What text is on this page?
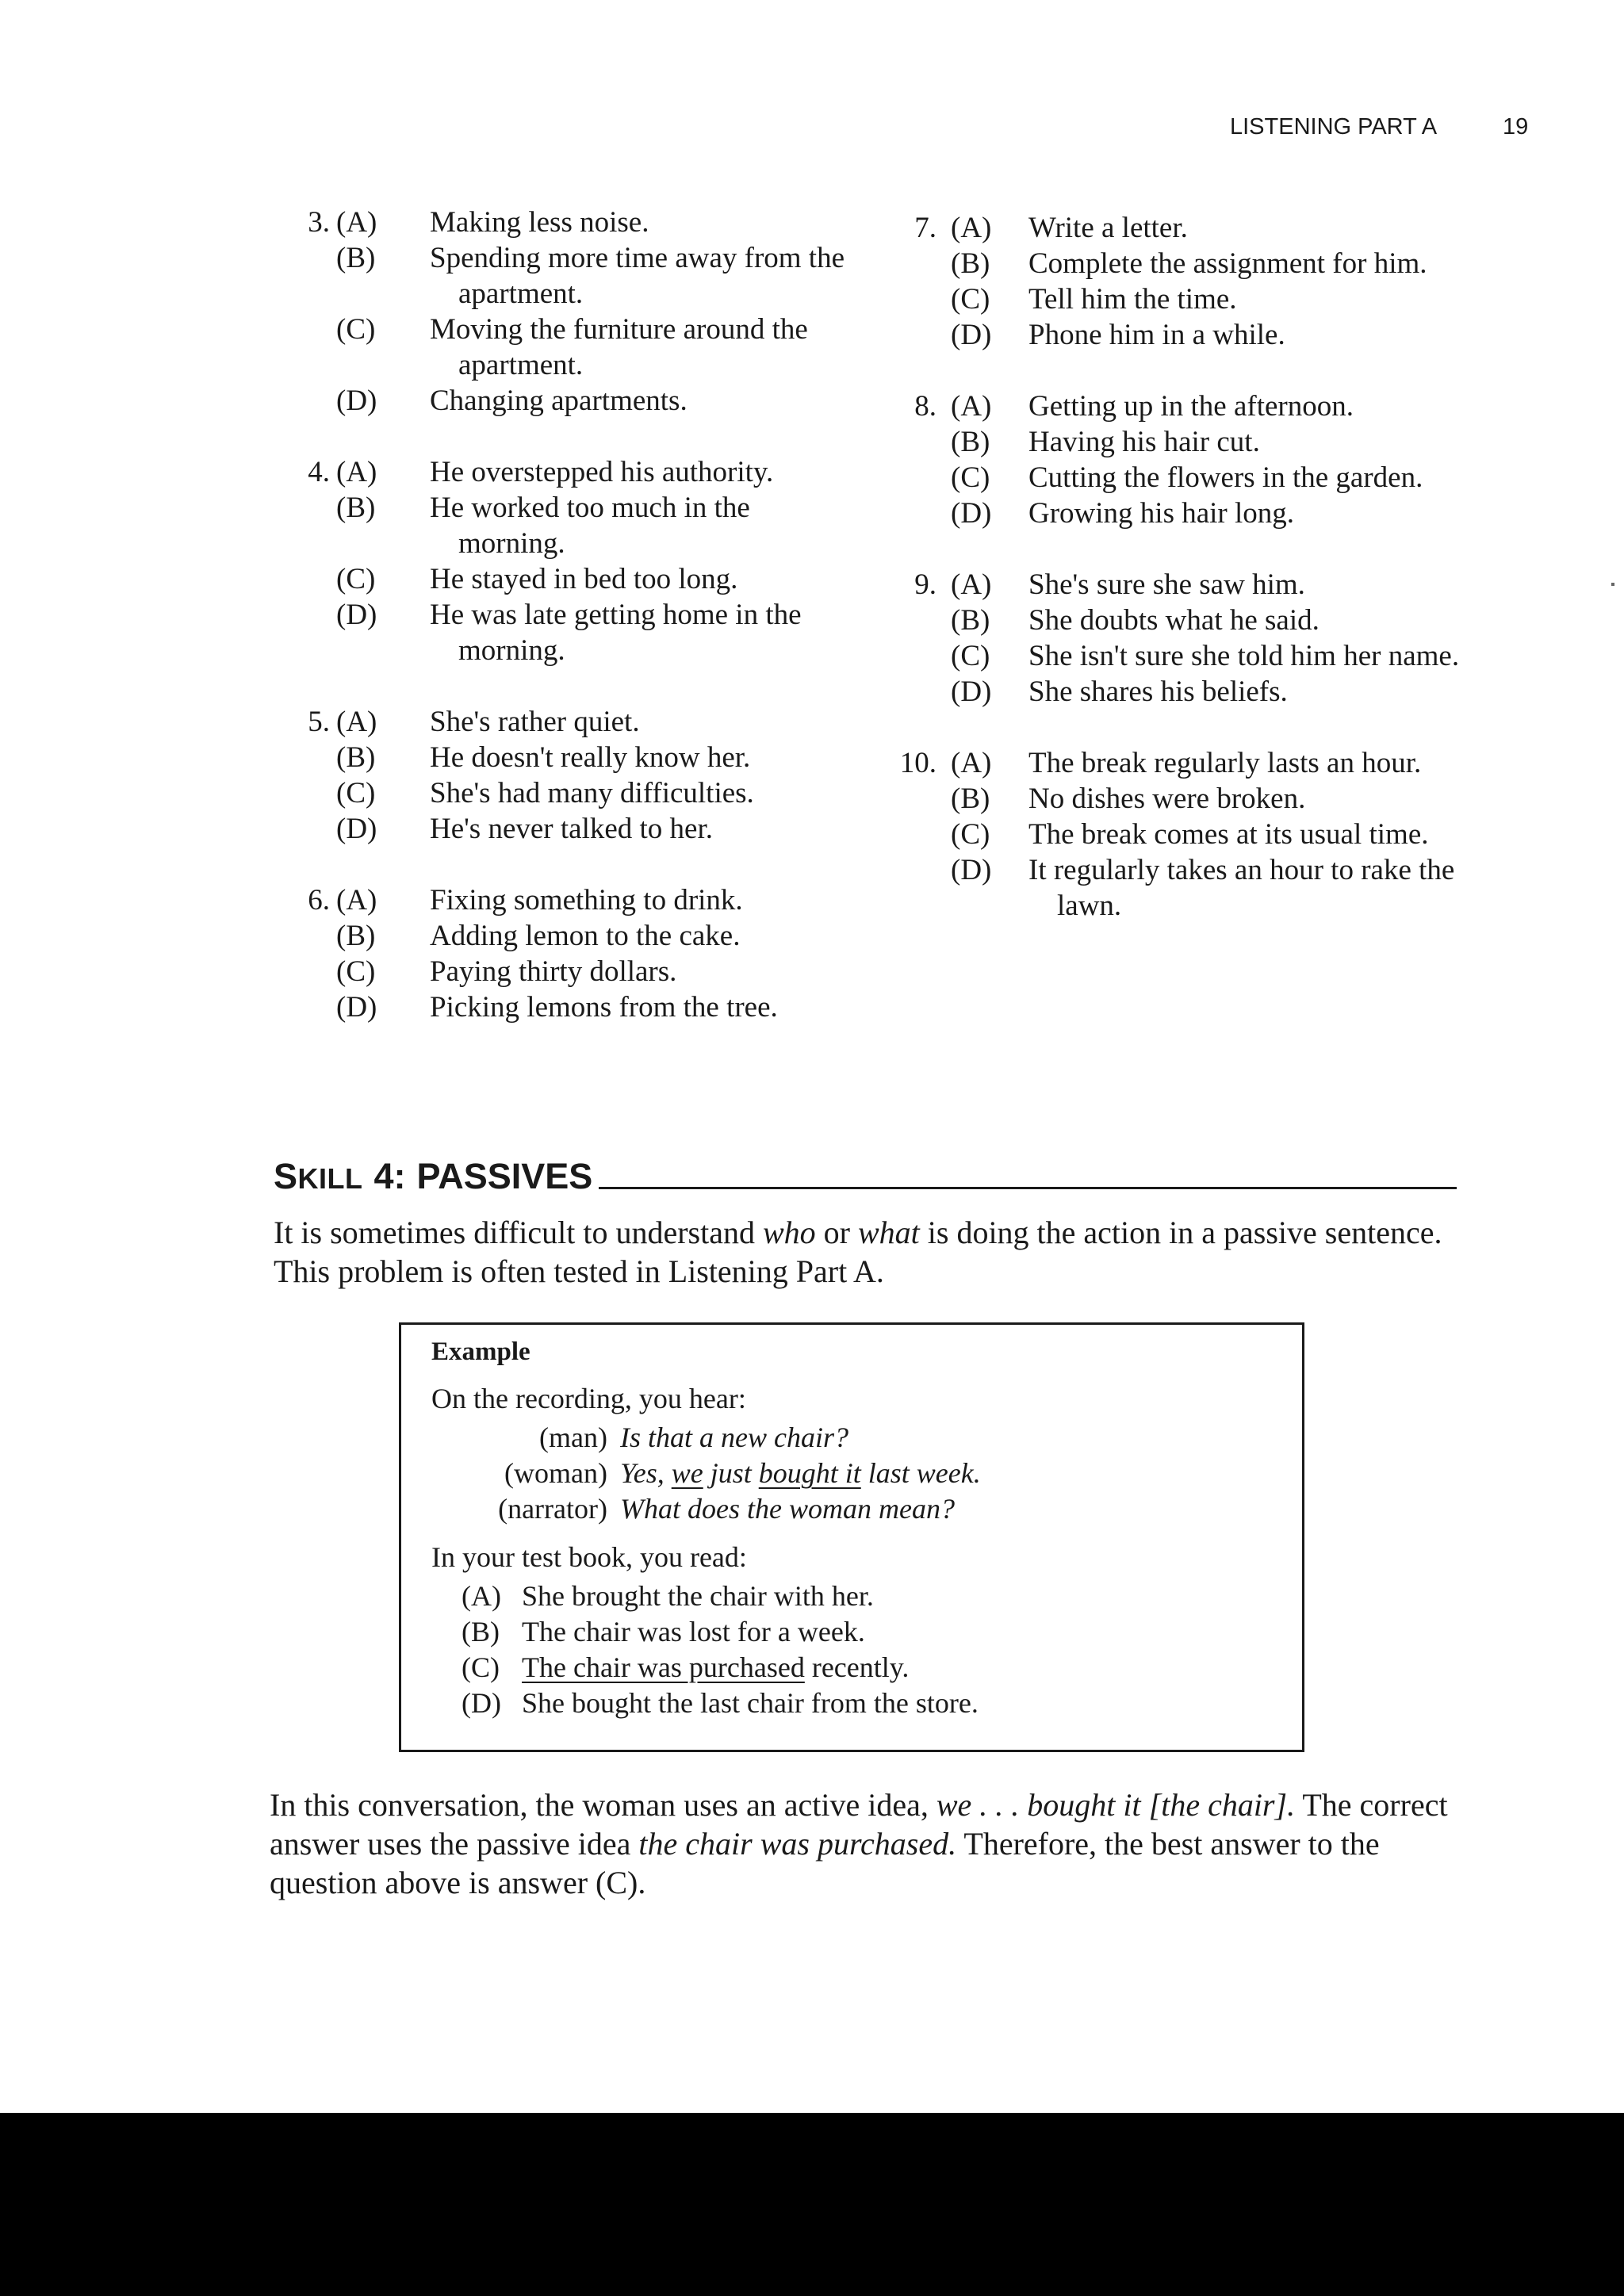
LISTENING PART A	19
3. (A) Making less noise.
(B) Spending more time away from the apartment.
(C) Moving the furniture around the apartment.
(D) Changing apartments.
4. (A) He overstepped his authority.
(B) He worked too much in the morning.
(C) He stayed in bed too long.
(D) He was late getting home in the morning.
5. (A) She's rather quiet.
(B) He doesn't really know her.
(C) She's had many difficulties.
(D) He's never talked to her.
6. (A) Fixing something to drink.
(B) Adding lemon to the cake.
(C) Paying thirty dollars.
(D) Picking lemons from the tree.
7. (A) Write a letter.
(B) Complete the assignment for him.
(C) Tell him the time.
(D) Phone him in a while.
8. (A) Getting up in the afternoon.
(B) Having his hair cut.
(C) Cutting the flowers in the garden.
(D) Growing his hair long.
9. (A) She's sure she saw him.
(B) She doubts what he said.
(C) She isn't sure she told him her name.
(D) She shares his beliefs.
10. (A) The break regularly lasts an hour.
(B) No dishes were broken.
(C) The break comes at its usual time.
(D) It regularly takes an hour to rake the lawn.
SKILL 4: PASSIVES
It is sometimes difficult to understand who or what is doing the action in a passive sentence. This problem is often tested in Listening Part A.
Example
On the recording, you hear:
(man) Is that a new chair?
(woman) Yes, we just bought it last week.
(narrator) What does the woman mean?
In your test book, you read:
(A) She brought the chair with her.
(B) The chair was lost for a week.
(C) The chair was purchased recently.
(D) She bought the last chair from the store.
In this conversation, the woman uses an active idea, we . . . bought it [the chair]. The correct answer uses the passive idea the chair was purchased. Therefore, the best answer to the question above is answer (C).
